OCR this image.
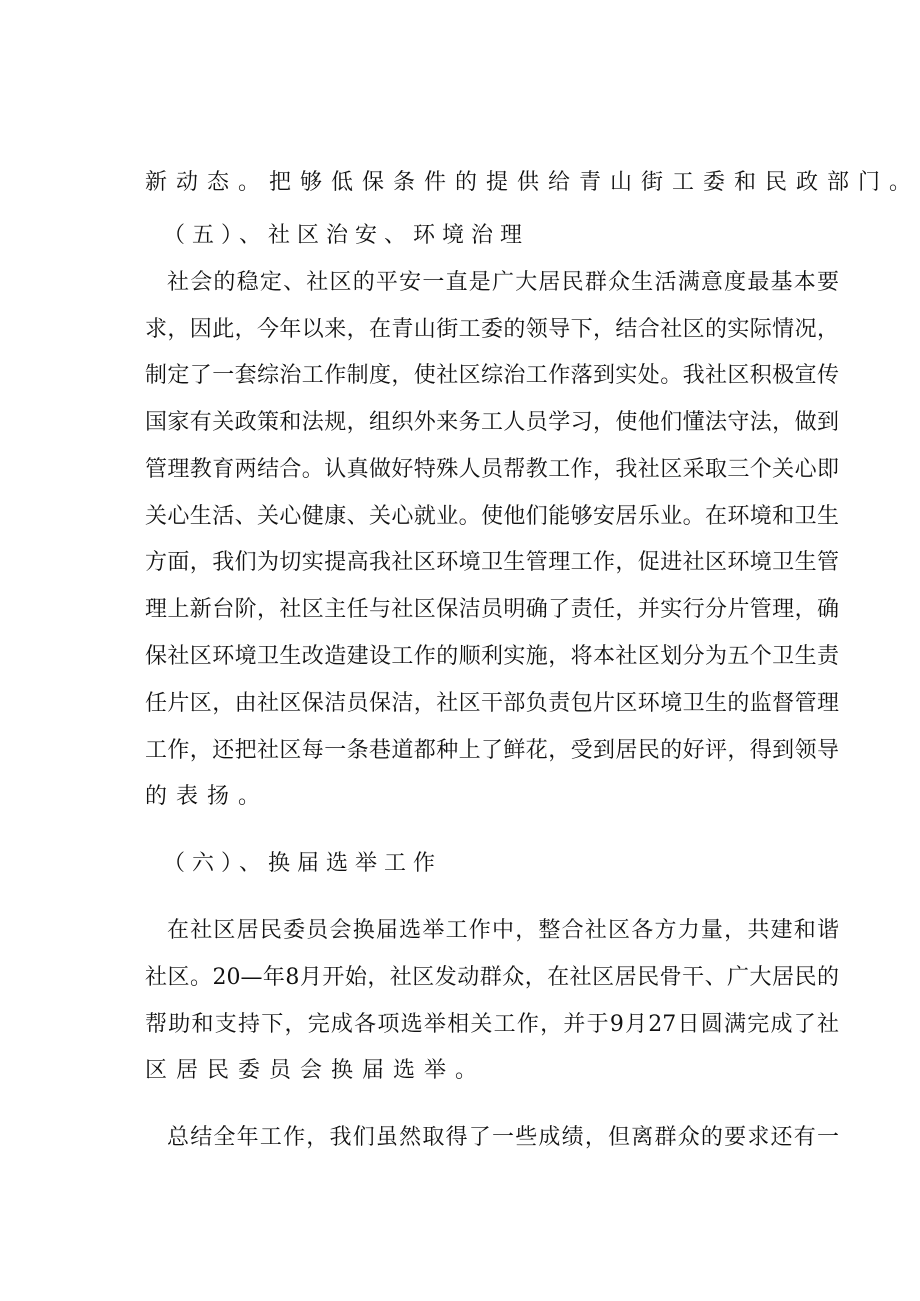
新动态。把够低保条件的提供给青山街工委和民政部门。
（五）、社区治安、环境治理
社会的稳定、社区的平安一直是广大居民群众生活满意度最基本要
求，因此，今年以来，在青山街工委的领导下，结合社区的实际情况，
制定了一套综治工作制度，使社区综治工作落到实处。我社区积极宣传
国家有关政策和法规，组织外来务工人员学习，使他们懂法守法，做到
管理教育两结合。认真做好特殊人员帮教工作，我社区采取三个关心即
关心生活、关心健康、关心就业。使他们能够安居乐业。在环境和卫生
方面，我们为切实提高我社区环境卫生管理工作，促进社区环境卫生管
理上新台阶，社区主任与社区保洁员明确了责任，并实行分片管理，确
保社区环境卫生改造建设工作的顺利实施，将本社区划分为五个卫生责
任片区，由社区保洁员保洁，社区干部负责包片区环境卫生的监督管理
工作，还把社区每一条巷道都种上了鲜花，受到居民的好评，得到领导
的表扬。
（六）、换届选举工作
在社区居民委员会换届选举工作中，整合社区各方力量，共建和谐
社区。20—年8月开始，社区发动群众，在社区居民骨干、广大居民的
帮助和支持下，完成各项选举相关工作，并于9月27日圆满完成了社
区居民委员会换届选举。
总结全年工作，我们虽然取得了一些成绩，但离群众的要求还有一
